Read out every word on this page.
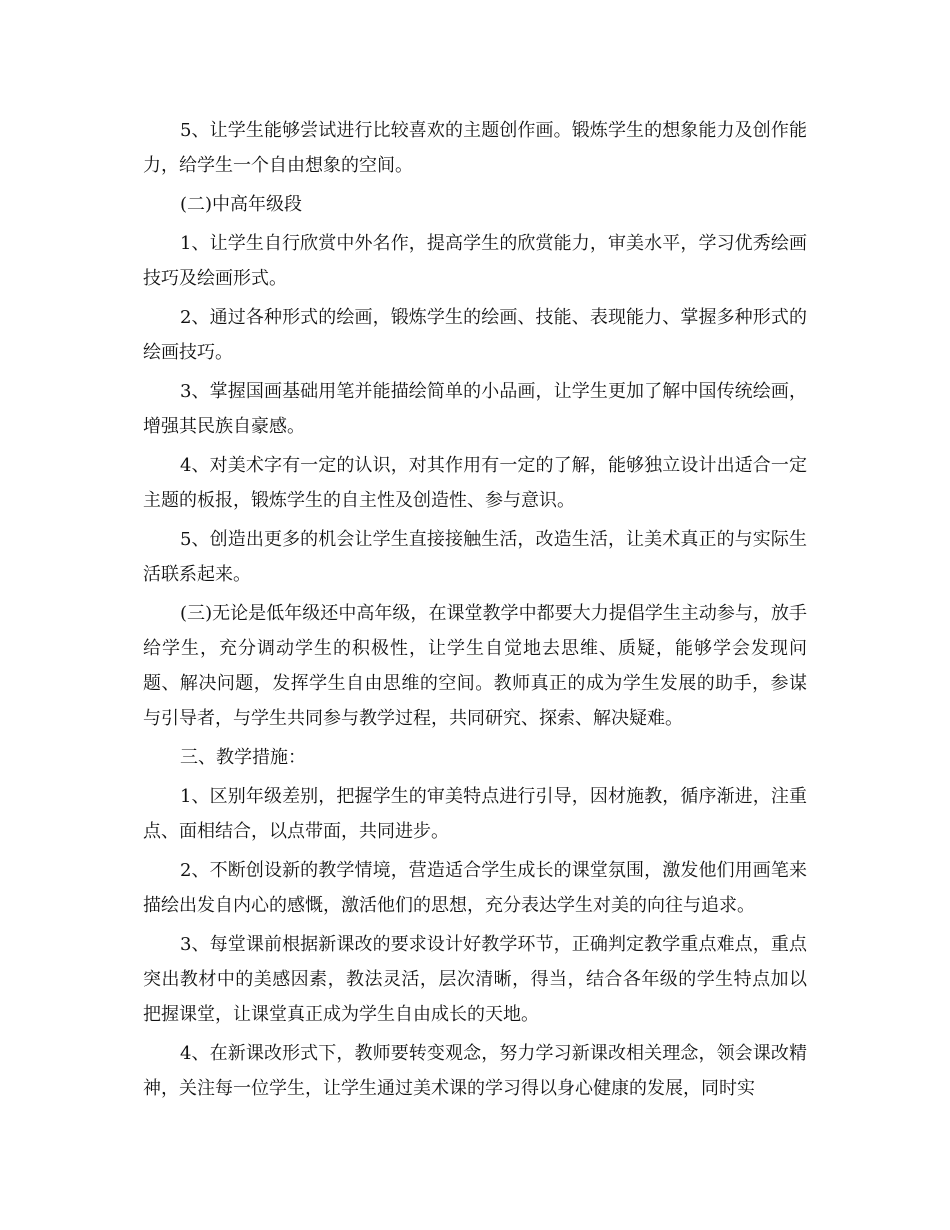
5、让学生能够尝试进行比较喜欢的主题创作画。锻炼学生的想象能力及创作能力，给学生一个自由想象的空间。

(二)中高年级段

1、让学生自行欣赏中外名作，提高学生的欣赏能力，审美水平，学习优秀绘画技巧及绘画形式。

2、通过各种形式的绘画，锻炼学生的绘画、技能、表现能力、掌握多种形式的绘画技巧。

3、掌握国画基础用笔并能描绘简单的小品画，让学生更加了解中国传统绘画，增强其民族自豪感。

4、对美术字有一定的认识，对其作用有一定的了解，能够独立设计出适合一定主题的板报，锻炼学生的自主性及创造性、参与意识。

5、创造出更多的机会让学生直接接触生活，改造生活，让美术真正的与实际生活联系起来。

(三)无论是低年级还中高年级，在课堂教学中都要大力提倡学生主动参与，放手给学生，充分调动学生的积极性，让学生自觉地去思维、质疑，能够学会发现问题、解决问题，发挥学生自由思维的空间。教师真正的成为学生发展的助手，参谋与引导者，与学生共同参与教学过程，共同研究、探索、解决疑难。

三、教学措施：

1、区别年级差别，把握学生的审美特点进行引导，因材施教，循序渐进，注重点、面相结合，以点带面，共同进步。

2、不断创设新的教学情境，营造适合学生成长的课堂氛围，激发他们用画笔来描绘出发自内心的感慨，激活他们的思想，充分表达学生对美的向往与追求。

3、每堂课前根据新课改的要求设计好教学环节，正确判定教学重点难点，重点突出教材中的美感因素，教法灵活，层次清晰，得当，结合各年级的学生特点加以把握课堂，让课堂真正成为学生自由成长的天地。

4、在新课改形式下，教师要转变观念，努力学习新课改相关理念，领会课改精神，关注每一位学生，让学生通过美术课的学习得以身心健康的发展，同时实
